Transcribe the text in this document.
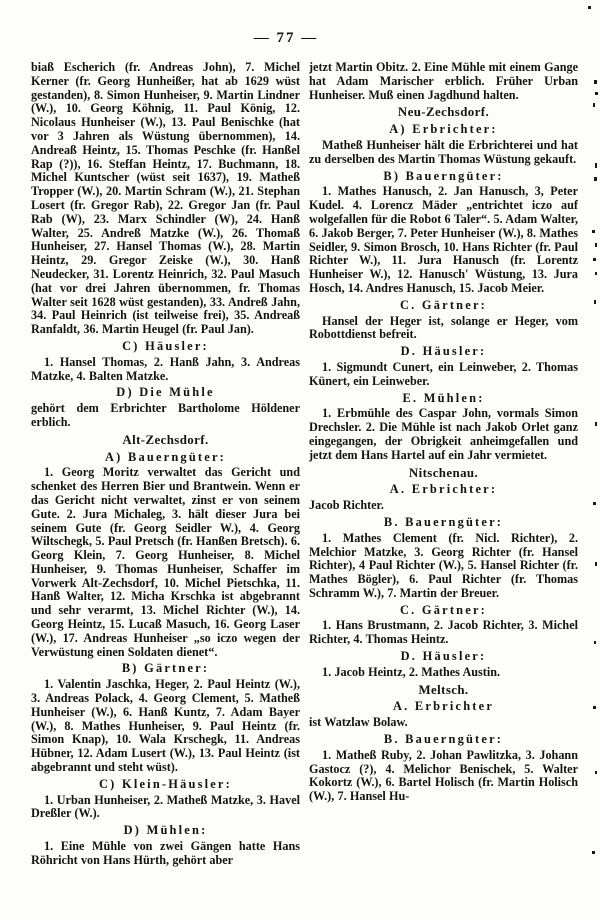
— 77 —

biaß Escherich (fr. Andreas John), 7. Michel Kerner (fr. Georg Hunheißer, hat ab 1629 wüst gestanden), 8. Simon Hunheiser, 9. Martin Lindner (W.), 10. Georg Köhnig, 11. Paul König, 12. Nicolaus Hunheiser (W.), 13. Paul Benischke (hat vor 3 Jahren als Wüstung übernommen), 14. Andreaß Heintz, 15. Thomas Peschke (fr. Hanßel Rap (?)), 16. Steffan Heintz, 17. Buchmann, 18. Michel Kuntscher (wüst seit 1637), 19. Matheß Tropper (W.), 20. Martin Schram (W.), 21. Stephan Losert (fr. Gregor Rab), 22. Gregor Jan (fr. Paul Rab (W), 23. Marx Schindler (W), 24. Hanß Walter, 25. Andreß Matzke (W.), 26. Thomaß Hunheiser, 27. Hansel Thomas (W.), 28. Martin Heintz, 29. Gregor Zeiske (W.), 30. Hanß Neudecker, 31. Lorentz Heinrich, 32. Paul Masuch (hat vor drei Jahren übernommen, fr. Thomas Walter seit 1628 wüst gestanden), 33. Andreß Jahn, 34. Paul Heinrich (ist teilweise frei), 35. Andreaß Ranfaldt, 36. Martin Heugel (fr. Paul Jan).

C) Häusler:

1. Hansel Thomas, 2. Hanß Jahn, 3. Andreas Matzke, 4. Balten Matzke.

D) Die Mühle

gehört dem Erbrichter Bartholome Höldener erblich.

Alt-Zechsdorf.

A) Bauerngüter:

1. Georg Moritz verwaltet das Gericht und schenket des Herren Bier und Brantwein. Wenn er das Gericht nicht verwaltet, zinst er von seinem Gute. 2. Jura Michaleg, 3. hält dieser Jura bei seinem Gute (fr. Georg Seidler W.), 4. Georg Wiltschegk, 5. Paul Pretsch (fr. Hanßen Bretsch). 6. Georg Klein, 7. Georg Hunheiser, 8. Michel Hunheiser, 9. Thomas Hunheiser, Schaffer im Vorwerk Alt-Zechsdorf, 10. Michel Pietschka, 11. Hanß Walter, 12. Micha Krschka ist abgebrannt und sehr verarmt, 13. Michel Richter (W.), 14. Georg Heintz, 15. Lucaß Masuch, 16. Georg Laser (W.), 17. Andreas Hunheiser „so iczo wegen der Verwüstung einen Soldaten dienet“.

B) Gärtner:

1. Valentin Jaschka, Heger, 2. Paul Heintz (W.), 3. Andreas Polack, 4. Georg Clement, 5. Matheß Hunheiser (W.), 6. Hanß Kuntz, 7. Adam Bayer (W.), 8. Mathes Hunheiser, 9. Paul Heintz (fr. Simon Knap), 10. Wala Krschegk, 11. Andreas Hübner, 12. Adam Lusert (W.), 13. Paul Heintz (ist abgebrannt und steht wüst).

C) Klein-Häusler:

1. Urban Hunheiser, 2. Matheß Matzke, 3. Havel Dreßler (W.).

D) Mühlen:

1. Eine Mühle von zwei Gängen hatte Hans Röhricht von Hans Hürth, gehört aber

jetzt Martin Obitz. 2. Eine Mühle mit einem Gange hat Adam Marischer erblich. Früher Urban Hunheiser. Muß einen Jagdhund halten.

Neu-Zechsdorf.

A) Erbrichter:

Matheß Hunheiser hält die Erbrichterei und hat zu derselben des Martin Thomas Wüstung gekauft.

B) Bauerngüter:

1. Mathes Hanusch, 2. Jan Hanusch, 3, Peter Kudel. 4. Lorencz Mäder „entrichtet iczo auf wolgefallen für die Robot 6 Taler“. 5. Adam Walter, 6. Jakob Berger, 7. Peter Hunheiser (W.), 8. Mathes Seidler, 9. Simon Brosch, 10. Hans Richter (fr. Paul Richter W.), 11. Jura Hanusch (fr. Lorentz Hunheiser W.), 12. Hanusch' Wüstung, 13. Jura Hosch, 14. Andres Hanusch, 15. Jacob Meier.

C. Gärtner:

Hansel der Heger ist, solange er Heger, vom Robottdienst befreit.

D. Häusler:

1. Sigmundt Cunert, ein Leinweber, 2. Thomas Künert, ein Leinweber.

E. Mühlen:

1. Erbmühle des Caspar John, vormals Simon Drechsler. 2. Die Mühle ist nach Jakob Orlet ganz eingegangen, der Obrigkeit anheimgefallen und jetzt dem Hans Hartel auf ein Jahr vermietet.

Nitschenau.

A. Erbrichter:

Jacob Richter.

B. Bauerngüter:

1. Mathes Clement (fr. Nicl. Richter), 2. Melchior Matzke, 3. Georg Richter (fr. Hansel Richter), 4 Paul Richter (W.), 5. Hansel Richter (fr. Mathes Bögler), 6. Paul Richter (fr. Thomas Schramm W.), 7. Martin der Breuer.

C. Gärtner:

1. Hans Brustmann, 2. Jacob Richter, 3. Michel Richter, 4. Thomas Heintz.

D. Häusler:

1. Jacob Heintz, 2. Mathes Austin.

Meltsch.

A. Erbrichter

ist Watzlaw Bolaw.

B. Bauerngüter:

1. Matheß Ruby, 2. Johan Pawlitzka, 3. Johann Gastocz (?), 4. Melichor Benischek, 5. Walter Kokortz (W.), 6. Bartel Holisch (fr. Martin Holisch (W.), 7. Hansel Hu-
